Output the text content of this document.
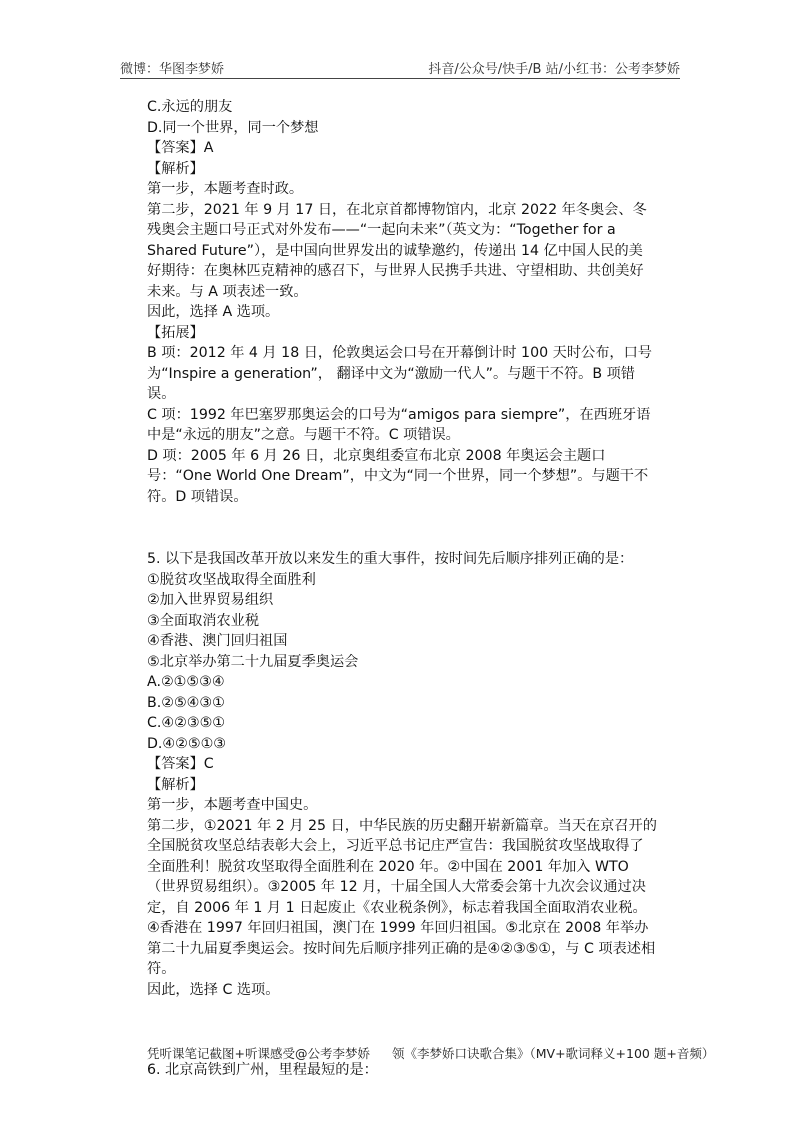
微博：华图李梦娇	抖音/公众号/快手/B 站/小红书：公考李梦娇

C.永远的朋友

D.同一个世界，同一个梦想

【答案】A

【解析】

第一步，本题考查时政。

第二步，2021 年 9 月 17 日，在北京首都博物馆内，北京 2022 年冬奥会、冬残奥会主题口号正式对外发布——“一起向未来”（英文为：“Together for a Shared Future”），是中国向世界发出的诚挚邀约，传递出 14 亿中国人民的美好期待：在奥林匹克精神的感召下，与世界人民携手共进、守望相助、共创美好未来。与 A 项表述一致。

因此，选择 A 选项。

【拓展】

B 项：2012 年 4 月 18 日，伦敦奥运会口号在开幕倒计时 100 天时公布，口号为“Inspire a generation”， 翻译中文为“激励一代人”。与题干不符。B 项错误。

C 项：1992 年巴塞罗那奥运会的口号为“amigos para siempre”，在西班牙语中是“永远的朋友”之意。与题干不符。C 项错误。

D 项：2005 年 6 月 26 日，北京奥组委宣布北京 2008 年奥运会主题口号：“One World One Dream”，中文为“同一个世界，同一个梦想”。与题干不符。D 项错误。

5. 以下是我国改革开放以来发生的重大事件，按时间先后顺序排列正确的是：

①脱贫攻坚战取得全面胜利

②加入世界贸易组织

③全面取消农业税

④香港、澳门回归祖国

⑤北京举办第二十九届夏季奥运会

A.②①⑤③④

B.②⑤④③①

C.④②③⑤①

D.④②⑤①③

【答案】C

【解析】

第一步，本题考查中国史。

第二步，①2021 年 2 月 25 日，中华民族的历史翻开崭新篇章。当天在京召开的全国脱贫攻坚总结表彰大会上，习近平总书记庄严宣告：我国脱贫攻坚战取得了全面胜利！脱贫攻坚取得全面胜利在 2020 年。②中国在 2001 年加入 WTO（世界贸易组织）。③2005 年 12 月，十届全国人大常委会第十九次会议通过决定，自 2006 年 1 月 1 日起废止《农业税条例》，标志着我国全面取消农业税。④香港在 1997 年回归祖国，澳门在 1999 年回归祖国。⑤北京在 2008 年举办第二十九届夏季奥运会。按时间先后顺序排列正确的是④②③⑤①，与 C 项表述相符。

因此，选择 C 选项。

6. 北京高铁到广州，里程最短的是：

凭听课笔记截图+听课感受@公考李梦娇 领《李梦娇口诀歌合集》（MV+歌词释义+100 题+音频）
